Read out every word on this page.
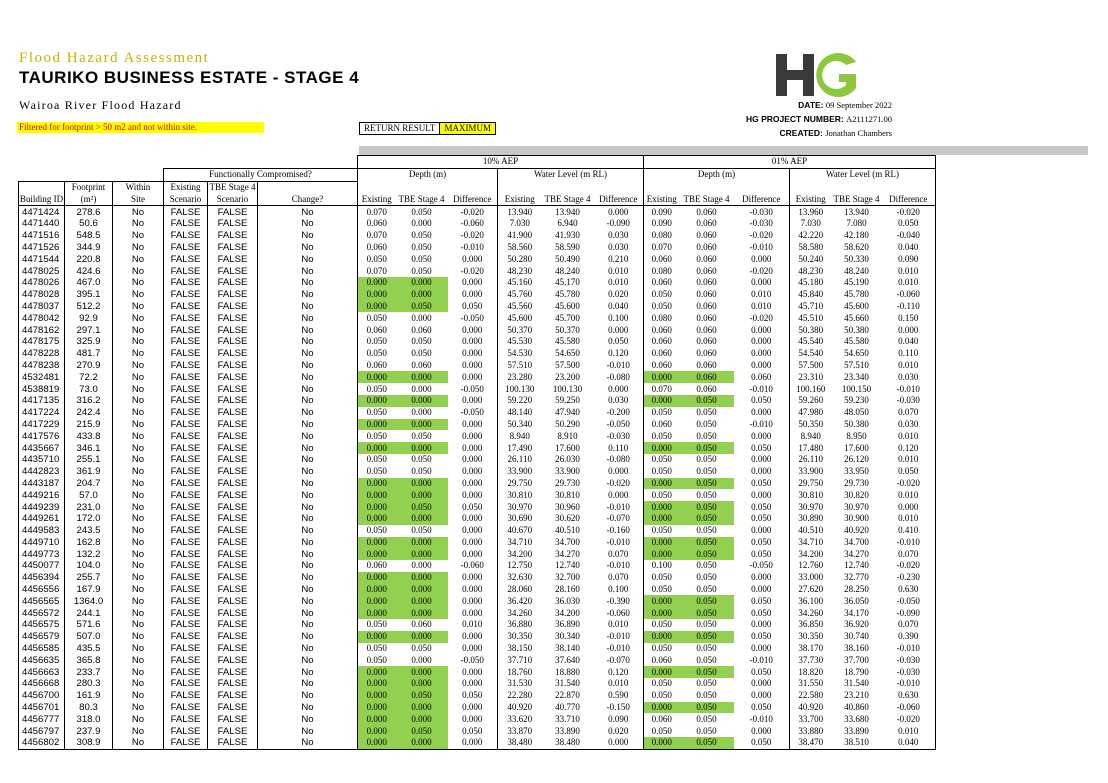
Flood Hazard Assessment
TAURIKO BUSINESS ESTATE - STAGE 4
Wairoa River Flood Hazard
Filtered for footprint > 50 m2 and not within site.	RETURN RESULT	MAXIMUM
DATE: 09 September 2022
HG PROJECT NUMBER: A2111271.00
CREATED: Jonathan Chambers
						10% AEP						01% AEP					
			Functionally Compromised?			Depth (m)			Water Level (m RL)			Depth (m)			Water Level (m RL)		
	Footprint	Within	Existing	TBE Stage 4													
Building ID	(m²)	Site	Scenario	Scenario	Change?	Existing	TBE Stage 4	Difference	Existing	TBE Stage 4	Difference	Existing	TBE Stage 4	Difference	Existing	TBE Stage 4	Difference
4471424	278.6	No	FALSE	FALSE	No	0.070	0.050	-0.020	13.940	13.940	0.000	0.090	0.060	-0.030	13.960	13.940	-0.020
4471440	50.6	No	FALSE	FALSE	No	0.060	0.000	-0.060	7.030	6.940	-0.090	0.090	0.060	-0.030	7.030	7.080	0.050
4471516	548.5	No	FALSE	FALSE	No	0.070	0.050	-0.020	41.900	41.930	0.030	0.080	0.060	-0.020	42.220	42.180	-0.040
4471526	344.9	No	FALSE	FALSE	No	0.060	0.050	-0.010	58.560	58.590	0.030	0.070	0.060	-0.010	58.580	58.620	0.040
4471544	220.8	No	FALSE	FALSE	No	0.050	0.050	0.000	50.280	50.490	0.210	0.060	0.060	0.000	50.240	50.330	0.090
4478025	424.6	No	FALSE	FALSE	No	0.070	0.050	-0.020	48.230	48.240	0.010	0.080	0.060	-0.020	48.230	48.240	0.010
4478026	467.0	No	FALSE	FALSE	No	0.000	0.000	0.000	45.160	45.170	0.010	0.060	0.060	0.000	45.180	45.190	0.010
4478028	395.1	No	FALSE	FALSE	No	0.000	0.000	0.000	45.760	45.780	0.020	0.050	0.060	0.010	45.840	45.780	-0.060
4478037	512.2	No	FALSE	FALSE	No	0.000	0.050	0.050	45.560	45.600	0.040	0.050	0.060	0.010	45.710	45.600	-0.110
4478042	92.9	No	FALSE	FALSE	No	0.050	0.000	-0.050	45.600	45.700	0.100	0.080	0.060	-0.020	45.510	45.660	0.150
4478162	297.1	No	FALSE	FALSE	No	0.060	0.060	0.000	50.370	50.370	0.000	0.060	0.060	0.000	50.380	50.380	0.000
4478175	325.9	No	FALSE	FALSE	No	0.050	0.050	0.000	45.530	45.580	0.050	0.060	0.060	0.000	45.540	45.580	0.040
4478228	481.7	No	FALSE	FALSE	No	0.050	0.050	0.000	54.530	54.650	0.120	0.060	0.060	0.000	54.540	54.650	0.110
4478238	270.9	No	FALSE	FALSE	No	0.060	0.060	0.000	57.510	57.500	-0.010	0.060	0.060	0.000	57.500	57.510	0.010
4532481	72.2	No	FALSE	FALSE	No	0.000	0.000	0.000	23.280	23.200	-0.080	0.000	0.060	0.060	23.310	23.340	0.030
4538819	73.0	No	FALSE	FALSE	No	0.050	0.000	-0.050	100.130	100.130	0.000	0.070	0.060	-0.010	100.160	100.150	-0.010
4417135	316.2	No	FALSE	FALSE	No	0.000	0.000	0.000	59.220	59.250	0.030	0.000	0.050	0.050	59.260	59.230	-0.030
4417224	242.4	No	FALSE	FALSE	No	0.050	0.000	-0.050	48.140	47.940	-0.200	0.050	0.050	0.000	47.980	48.050	0.070
4417229	215.9	No	FALSE	FALSE	No	0.000	0.000	0.000	50.340	50.290	-0.050	0.060	0.050	-0.010	50.350	50.380	0.030
4417576	433.8	No	FALSE	FALSE	No	0.050	0.050	0.000	8.940	8.910	-0.030	0.050	0.050	0.000	8.940	8.950	0.010
4435667	346.1	No	FALSE	FALSE	No	0.000	0.000	0.000	17.490	17.600	0.110	0.000	0.050	0.050	17.480	17.600	0.120
4435710	255.1	No	FALSE	FALSE	No	0.050	0.050	0.000	26.110	26.030	-0.080	0.050	0.050	0.000	26.110	26.120	0.010
4442823	361.9	No	FALSE	FALSE	No	0.050	0.050	0.000	33.900	33.900	0.000	0.050	0.050	0.000	33.900	33.950	0.050
4443187	204.7	No	FALSE	FALSE	No	0.000	0.000	0.000	29.750	29.730	-0.020	0.000	0.050	0.050	29.750	29.730	-0.020
4449216	57.0	No	FALSE	FALSE	No	0.000	0.000	0.000	30.810	30.810	0.000	0.050	0.050	0.000	30.810	30.820	0.010
4449239	231.0	No	FALSE	FALSE	No	0.000	0.050	0.050	30.970	30.960	-0.010	0.000	0.050	0.050	30.970	30.970	0.000
4449261	172.0	No	FALSE	FALSE	No	0.000	0.000	0.000	30.690	30.620	-0.070	0.000	0.050	0.050	30.890	30.900	0.010
4449583	243.5	No	FALSE	FALSE	No	0.050	0.050	0.000	40.670	40.510	-0.160	0.050	0.050	0.000	40.510	40.920	0.410
4449710	162.8	No	FALSE	FALSE	No	0.000	0.000	0.000	34.710	34.700	-0.010	0.000	0.050	0.050	34.710	34.700	-0.010
4449773	132.2	No	FALSE	FALSE	No	0.000	0.000	0.000	34.200	34.270	0.070	0.000	0.050	0.050	34.200	34.270	0.070
4450077	104.0	No	FALSE	FALSE	No	0.060	0.000	-0.060	12.750	12.740	-0.010	0.100	0.050	-0.050	12.760	12.740	-0.020
4456394	255.7	No	FALSE	FALSE	No	0.000	0.000	0.000	32.630	32.700	0.070	0.050	0.050	0.000	33.000	32.770	-0.230
4456556	167.9	No	FALSE	FALSE	No	0.000	0.000	0.000	28.060	28.160	0.100	0.050	0.050	0.000	27.620	28.250	0.630
4456565	1364.0	No	FALSE	FALSE	No	0.000	0.000	0.000	36.420	36.030	-0.390	0.000	0.050	0.050	36.100	36.050	-0.050
4456572	244.1	No	FALSE	FALSE	No	0.000	0.000	0.000	34.260	34.200	-0.060	0.000	0.050	0.050	34.260	34.170	-0.090
4456575	571.6	No	FALSE	FALSE	No	0.050	0.060	0.010	36.880	36.890	0.010	0.050	0.050	0.000	36.850	36.920	0.070
4456579	507.0	No	FALSE	FALSE	No	0.000	0.000	0.000	30.350	30.340	-0.010	0.000	0.050	0.050	30.350	30.740	0.390
4456585	435.5	No	FALSE	FALSE	No	0.050	0.050	0.000	38.150	38.140	-0.010	0.050	0.050	0.000	38.170	38.160	-0.010
4456635	365.8	No	FALSE	FALSE	No	0.050	0.000	-0.050	37.710	37.640	-0.070	0.060	0.050	-0.010	37.730	37.700	-0.030
4456663	233.7	No	FALSE	FALSE	No	0.000	0.000	0.000	18.760	18.880	0.120	0.000	0.050	0.050	18.820	18.790	-0.030
4456668	280.3	No	FALSE	FALSE	No	0.000	0.000	0.000	31.530	31.540	0.010	0.050	0.050	0.000	31.550	31.540	-0.010
4456700	161.9	No	FALSE	FALSE	No	0.000	0.050	0.050	22.280	22.870	0.590	0.050	0.050	0.000	22.580	23.210	0.630
4456701	80.3	No	FALSE	FALSE	No	0.000	0.000	0.000	40.920	40.770	-0.150	0.000	0.050	0.050	40.920	40.860	-0.060
4456777	318.0	No	FALSE	FALSE	No	0.000	0.000	0.000	33.620	33.710	0.090	0.060	0.050	-0.010	33.700	33.680	-0.020
4456797	237.9	No	FALSE	FALSE	No	0.000	0.050	0.050	33.870	33.890	0.020	0.050	0.050	0.000	33.880	33.890	0.010
4456802	308.9	No	FALSE	FALSE	No	0.000	0.000	0.000	38.480	38.480	0.000	0.000	0.050	0.050	38.470	38.510	0.040
